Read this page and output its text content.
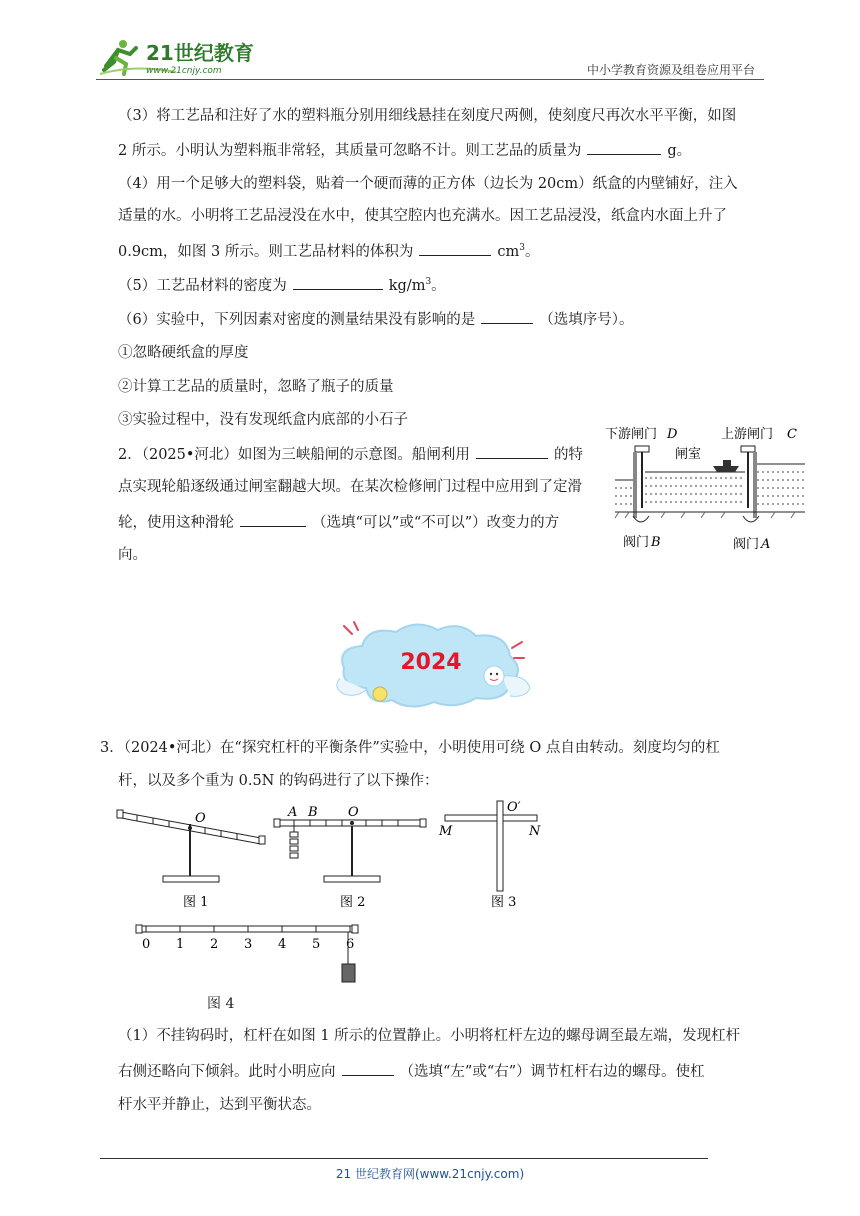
21世纪教育
www.21cnjy.com	中小学教育资源及组卷应用平台
（3）将工艺品和注好了水的塑料瓶分别用细线悬挂在刻度尺两侧，使刻度尺再次水平平衡，如图
2 所示。小明认为塑料瓶非常轻，其质量可忽略不计。则工艺品的质量为	g。
（4）用一个足够大的塑料袋，贴着一个硬而薄的正方体（边长为 20cm）纸盒的内壁铺好，注入
适量的水。小明将工艺品浸没在水中，使其空腔内也充满水。因工艺品浸没，纸盒内水面上升了
0.9cm，如图 3 所示。则工艺品材料的体积为	$cm^3$。
（5）工艺品材料的密度为	$kg/m^3$。
（6）实验中，下列因素对密度的测量结果没有影响的是	（选填序号）。
①忽略硬纸盒的厚度
②计算工艺品的质量时，忽略了瓶子的质量
③实验过程中，没有发现纸盒内底部的小石子
2．（2025•河北）如图为三峡船闸的示意图。船闸利用	的特
点实现轮船逐级通过闸室翻越大坝。在某次检修闸门过程中应用到了定滑
轮，使用这种滑轮	（选填“可以”或“不可以”）改变力的方
向。
下游闸门 D	上游闸门 C
闸室
阀门 B	阀门 A
2024
3．（2024•河北）在“探究杠杆的平衡条件”实验中，小明使用可绕 O 点自由转动。刻度均匀的杠
杆，以及多个重为 0.5N 的钩码进行了以下操作：
O
图 1
A B O
图 2
O′
M	N
图 3
0 1 2 3 4 5 6
图 4
（1）不挂钩码时，杠杆在如图 1 所示的位置静止。小明将杠杆左边的螺母调至最左端，发现杠杆
右侧还略向下倾斜。此时小明应向	（选填“左”或“右”）调节杠杆右边的螺母。使杠
杆水平并静止，达到平衡状态。
21 世纪教育网(www.21cnjy.com)
